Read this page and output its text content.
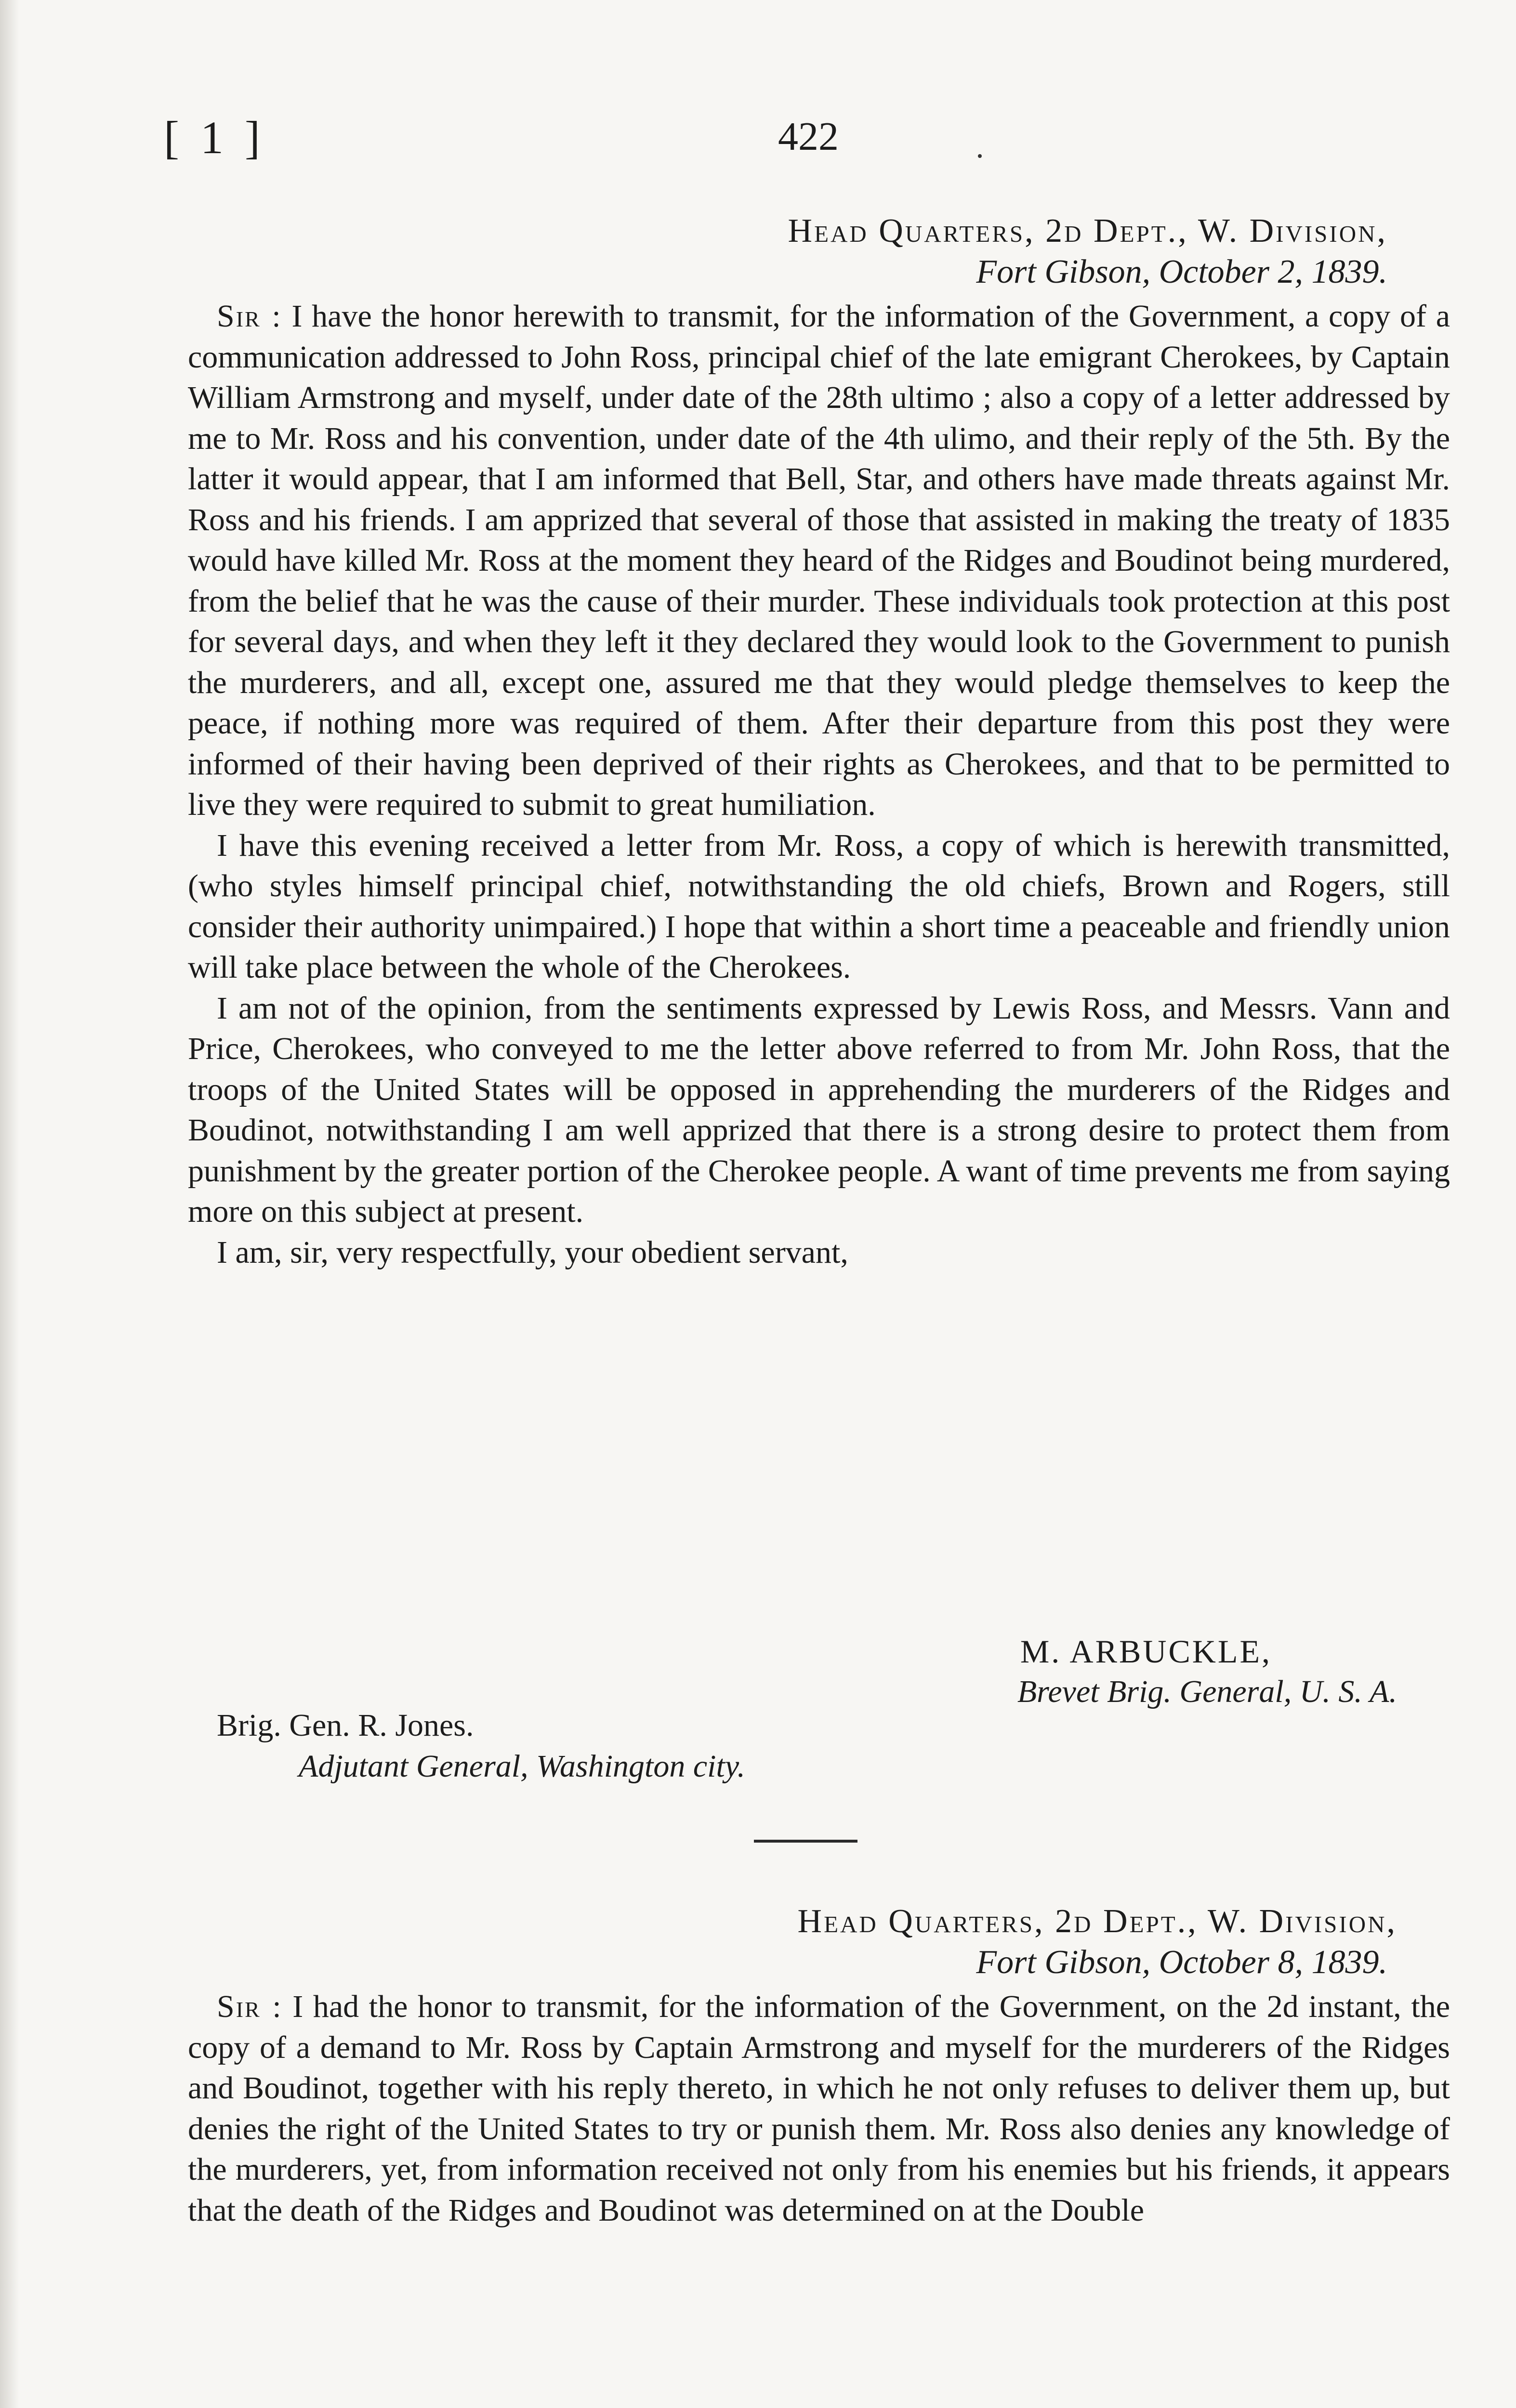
[ 1 ]	422
Head Quarters, 2d Dept., W. Division,
Fort Gibson, October 2, 1839.

Sir : I have the honor herewith to transmit, for the information of the Government, a copy of a communication addressed to John Ross, principal chief of the late emigrant Cherokees, by Captain William Armstrong and myself, under date of the 28th ultimo ; also a copy of a letter addressed by me to Mr. Ross and his convention, under date of the 4th ulimo, and their reply of the 5th. By the latter it would appear, that I am informed that Bell, Star, and others have made threats against Mr. Ross and his friends. I am apprized that several of those that assisted in making the treaty of 1835 would have killed Mr. Ross at the moment they heard of the Ridges and Boudinot being murdered, from the belief that he was the cause of their murder. These individuals took protection at this post for several days, and when they left it they declared they would look to the Government to punish the murderers, and all, except one, assured me that they would pledge themselves to keep the peace, if nothing more was required of them. After their departure from this post they were informed of their having been deprived of their rights as Cherokees, and that to be permitted to live they were required to submit to great humiliation.

I have this evening received a letter from Mr. Ross, a copy of which is herewith transmitted, (who styles himself principal chief, notwithstanding the old chiefs, Brown and Rogers, still consider their authority unimpaired.) I hope that within a short time a peaceable and friendly union will take place between the whole of the Cherokees.

I am not of the opinion, from the sentiments expressed by Lewis Ross, and Messrs. Vann and Price, Cherokees, who conveyed to me the letter above referred to from Mr. John Ross, that the troops of the United States will be opposed in apprehending the murderers of the Ridges and Boudinot, notwithstanding I am well apprized that there is a strong desire to protect them from punishment by the greater portion of the Cherokee people. A want of time prevents me from saying more on this subject at present.

I am, sir, very respectfully, your obedient servant,

M. ARBUCKLE,
Brevet Brig. General, U. S. A.
Brig. Gen. R. Jones.
Adjutant General, Washington city.
Head Quarters, 2d Dept., W. Division,
Fort Gibson, October 8, 1839.

Sir : I had the honor to transmit, for the information of the Government, on the 2d instant, the copy of a demand to Mr. Ross by Captain Armstrong and myself for the murderers of the Ridges and Boudinot, together with his reply thereto, in which he not only refuses to deliver them up, but denies the right of the United States to try or punish them. Mr. Ross also denies any knowledge of the murderers, yet, from information received not only from his enemies but his friends, it appears that the death of the Ridges and Boudinot was determined on at the Double
